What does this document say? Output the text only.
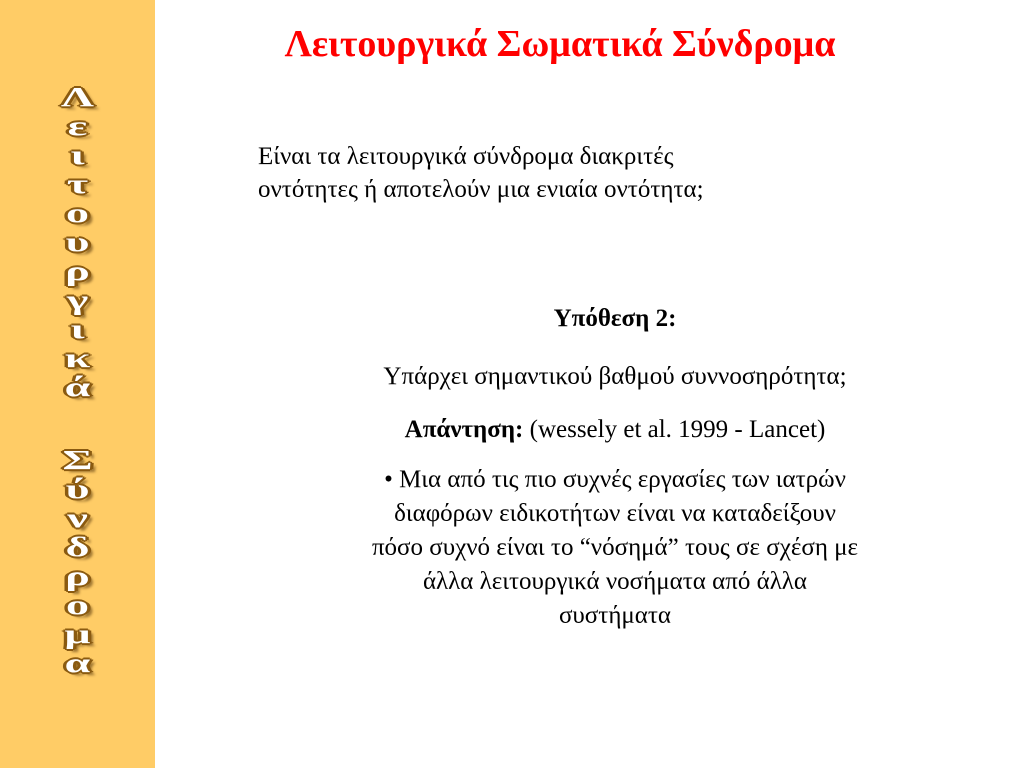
Λ
ε
ι
τ
ο
υ
ρ
γ
ι
κ
ά
Σ
ύ
ν
δ
ρ
ο
μ
α
Λειτουργικά Σωματικά Σύνδρομα
Είναι τα λειτουργικά σύνδρομα διακριτές
οντότητες ή αποτελούν μια ενιαία οντότητα;

Υπόθεση 2:

Υπάρχει σημαντικού βαθμού συννοσηρότητα;

Απάντηση: (wessely et al. 1999 - Lancet)

• Μια από τις πιο συχνές εργασίες των ιατρών
διαφόρων ειδικοτήτων είναι να καταδείξουν
πόσο συχνό είναι το “νόσημά” τους σε σχέση με
άλλα λειτουργικά νοσήματα από άλλα
συστήματα
